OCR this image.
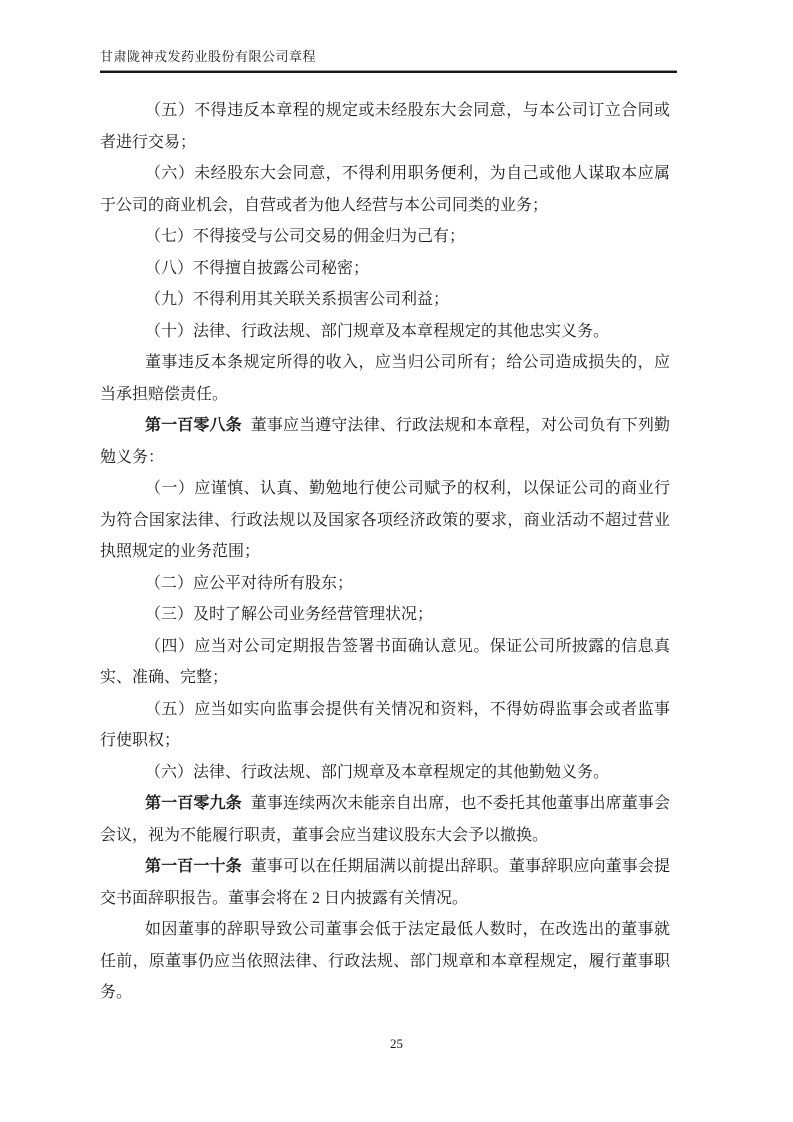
甘肃陇神戎发药业股份有限公司章程

（五）不得违反本章程的规定或未经股东大会同意，与本公司订立合同或者进行交易；

（六）未经股东大会同意，不得利用职务便利，为自己或他人谋取本应属于公司的商业机会，自营或者为他人经营与本公司同类的业务；

（七）不得接受与公司交易的佣金归为己有；

（八）不得擅自披露公司秘密；

（九）不得利用其关联关系损害公司利益；

（十）法律、行政法规、部门规章及本章程规定的其他忠实义务。

董事违反本条规定所得的收入，应当归公司所有；给公司造成损失的，应当承担赔偿责任。

第一百零八条 董事应当遵守法律、行政法规和本章程，对公司负有下列勤勉义务：

（一）应谨慎、认真、勤勉地行使公司赋予的权利，以保证公司的商业行为符合国家法律、行政法规以及国家各项经济政策的要求，商业活动不超过营业执照规定的业务范围；

（二）应公平对待所有股东；

（三）及时了解公司业务经营管理状况；

（四）应当对公司定期报告签署书面确认意见。保证公司所披露的信息真实、准确、完整；

（五）应当如实向监事会提供有关情况和资料，不得妨碍监事会或者监事行使职权；

（六）法律、行政法规、部门规章及本章程规定的其他勤勉义务。

第一百零九条 董事连续两次未能亲自出席，也不委托其他董事出席董事会会议，视为不能履行职责，董事会应当建议股东大会予以撤换。

第一百一十条 董事可以在任期届满以前提出辞职。董事辞职应向董事会提交书面辞职报告。董事会将在 2 日内披露有关情况。

如因董事的辞职导致公司董事会低于法定最低人数时，在改选出的董事就任前，原董事仍应当依照法律、行政法规、部门规章和本章程规定，履行董事职务。

25
